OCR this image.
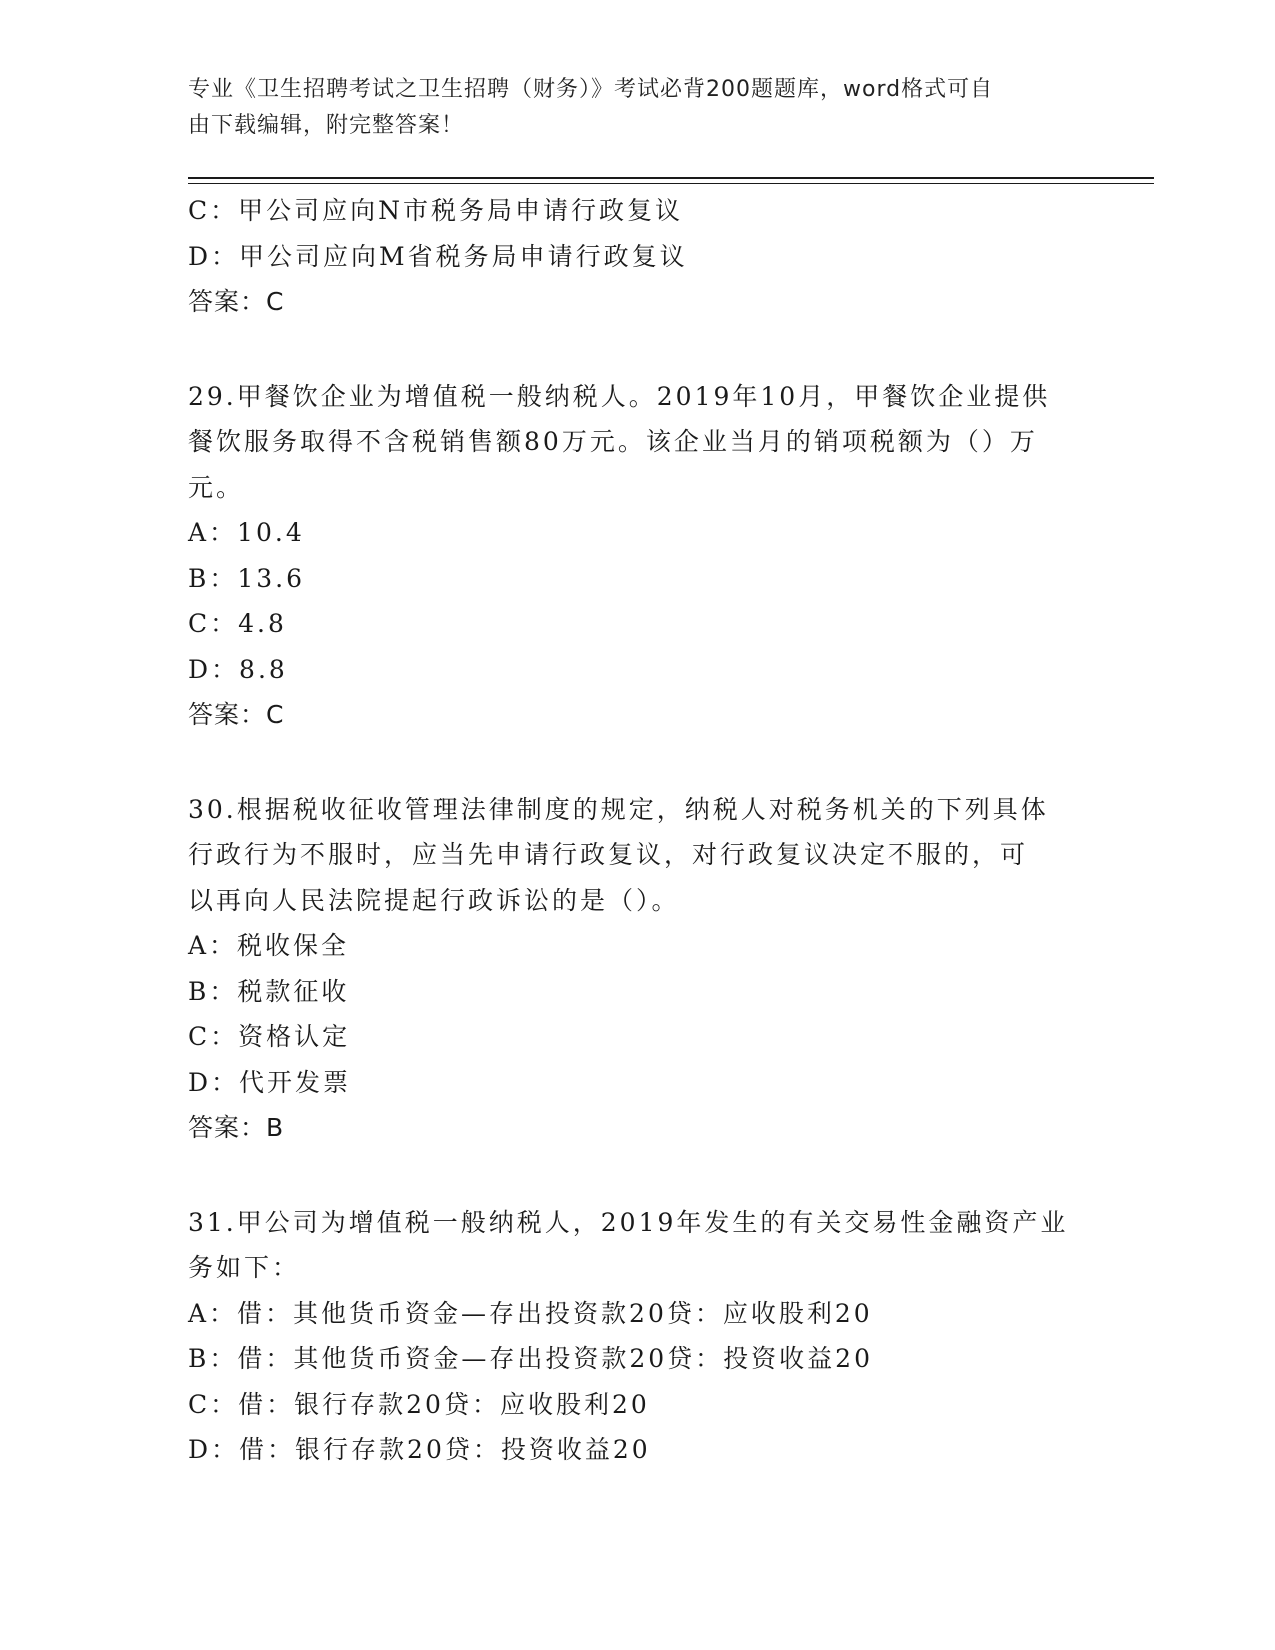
专业《卫生招聘考试之卫生招聘（财务）》考试必背200题题库，word格式可自
由下载编辑，附完整答案！
C：甲公司应向N市税务局申请行政复议
D：甲公司应向M省税务局申请行政复议
答案：C
29.甲餐饮企业为增值税一般纳税人。2019年10月，甲餐饮企业提供
餐饮服务取得不含税销售额80万元。该企业当月的销项税额为（）万
元。
A：10.4
B：13.6
C：4.8
D：8.8
答案：C
30.根据税收征收管理法律制度的规定，纳税人对税务机关的下列具体
行政行为不服时，应当先申请行政复议，对行政复议决定不服的，可
以再向人民法院提起行政诉讼的是（）。
A：税收保全
B：税款征收
C：资格认定
D：代开发票
答案：B
31.甲公司为增值税一般纳税人，2019年发生的有关交易性金融资产业
务如下：
A：借：其他货币资金—存出投资款20贷：应收股利20
B：借：其他货币资金—存出投资款20贷：投资收益20
C：借：银行存款20贷：应收股利20
D：借：银行存款20贷：投资收益20
